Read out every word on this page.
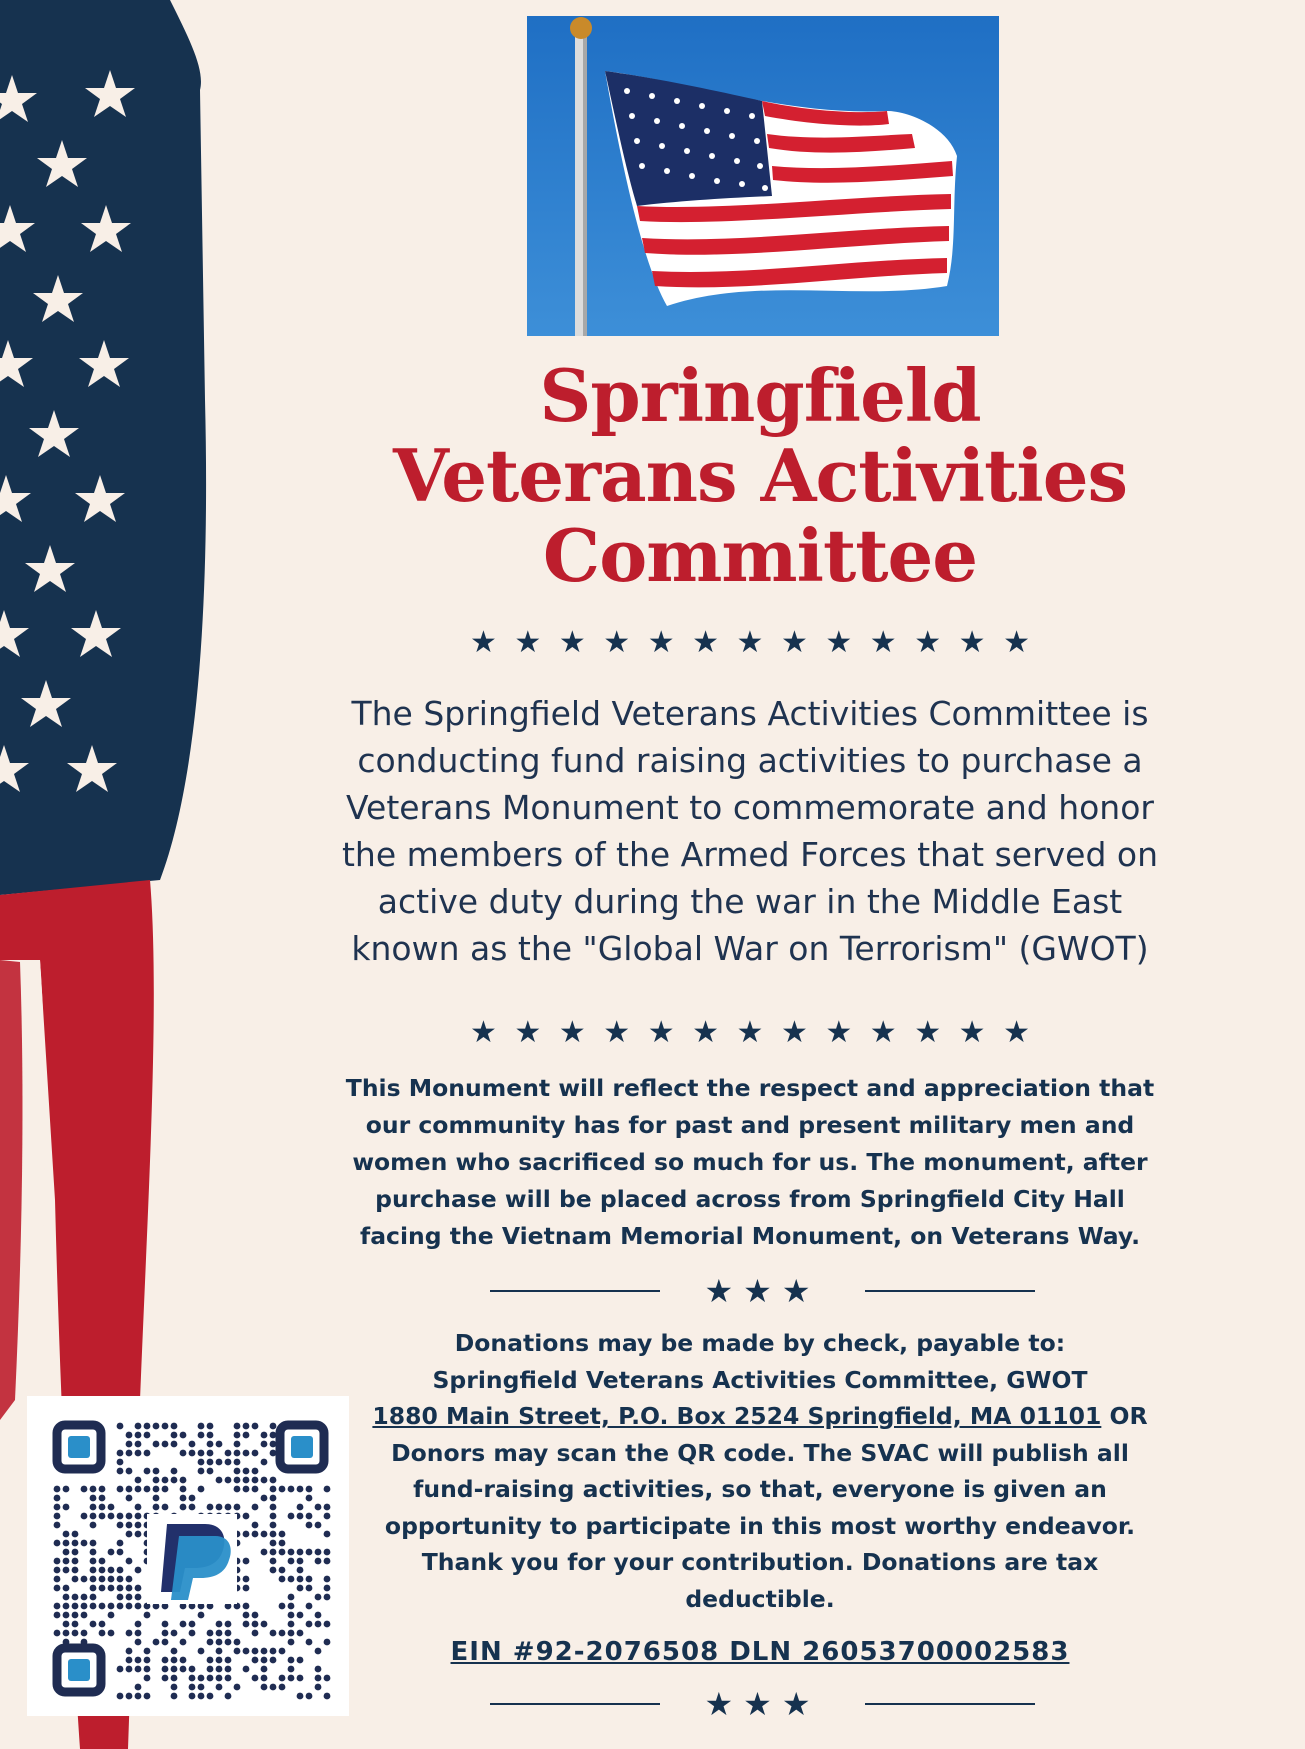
Springfield
Veterans Activities
Committee
★ ★ ★ ★ ★ ★ ★ ★ ★ ★ ★ ★ ★
The Springfield Veterans Activities Committee is conducting fund raising activities to purchase a Veterans Monument to commemorate and honor the members of the Armed Forces that served on active duty during the war in the Middle East known as the "Global War on Terrorism" (GWOT)
★ ★ ★ ★ ★ ★ ★ ★ ★ ★ ★ ★ ★
This Monument will reflect the respect and appreciation that our community has for past and present military men and women who sacrificed so much for us. The monument, after purchase will be placed across from Springfield City Hall facing the Vietnam Memorial Monument, on Veterans Way.
★★★
Donations may be made by check, payable to:
Springfield Veterans Activities Committee, GWOT
1880 Main Street, P.O. Box 2524 Springfield, MA 01101 OR Donors may scan the QR code. The SVAC will publish all fund-raising activities, so that, everyone is given an opportunity to participate in this most worthy endeavor. Thank you for your contribution. Donations are tax deductible.
EIN #92-2076508 DLN 26053700002583
★★★
